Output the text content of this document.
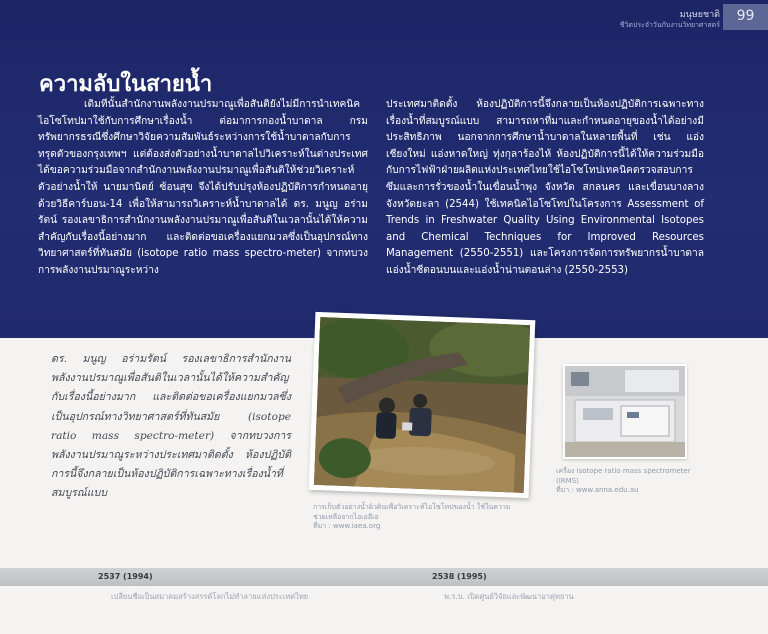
มนุษยชาติ
ชีวิตประจำวันกับงานวิทยาศาสตร์
99
ความลับในสายน้ำ

เดิมทีนั้นสำนักงานพลังงานปรมาณูเพื่อสันติยังไม่มีการนำเทคนิคไอโซโทปมาใช้กับการศึกษาเรื่องน้ำ ต่อมาการกองน้ำบาดาล กรมทรัพยากรธรณีซึ่งศึกษาวิจัยความสัมพันธ์ระหว่างการใช้น้ำบาดาลกับการทรุดตัวของกรุงเทพฯ แต่ต้องส่งตัวอย่างน้ำบาดาลไปวิเคราะห์ในต่างประเทศ ได้ขอความร่วมมือจากสำนักงานพลังงานปรมาณูเพื่อสันติให้ช่วยวิเคราะห์ตัวอย่างน้ำให้ นายมานิตย์ ซ้อนสุข จึงได้ปรับปรุงห้องปฏิบัติการกำหนดอายุด้วยวิธีคาร์บอน-14 เพื่อให้สามารถวิเคราะห์น้ำบาดาลได้ ดร. มนูญ อร่ามรัตน์ รองเลขาธิการสำนักงานพลังงานปรมาณูเพื่อสันติในเวลานั้นได้ให้ความสำคัญกับเรื่องนี้อย่างมาก และติดต่อขอเครื่องแยกมวลซึ่งเป็นอุปกรณ์ทางวิทยาศาสตร์ที่ทันสมัย (isotope ratio mass spectro-meter) จากทบวงการพลังงานปรมาณูระหว่าง

ประเทศมาติดตั้ง ห้องปฏิบัติการนี้จึงกลายเป็นห้องปฏิบัติการเฉพาะทางเรื่องน้ำที่สมบูรณ์แบบ สามารถหาที่มาและกำหนดอายุของน้ำได้อย่างมีประสิทธิภาพ นอกจากการศึกษาน้ำบาดาลในหลายพื้นที่ เช่น แอ่งเชียงใหม่ แอ่งหาดใหญ่ ทุ่งกุลาร้องไห้ ห้องปฏิบัติการนี้ได้ให้ความร่วมมือกับการไฟฟ้าฝ่ายผลิตแห่งประเทศไทยใช้ไอโซโทปเทคนิคตรวจสอบการซึมและการรั่วของน้ำในเขื่อนน้ำพุง จังหวัด สกลนคร และเขื่อนบางลาง จังหวัดยะลา (2544) ใช้เทคนิคไอโซโทปในโครงการ Assessment of Trends in Freshwater Quality Using Environmental Isotopes and Chemical Techniques for Improved Resources Management (2550-2551) และโครงการจัดการทรัพยากรน้ำบาดาลแอ่งน้ำซีตอนบนและแอ่งน้ำน่านตอนล่าง (2550-2553)

ดร. มนูญ อร่ามรัตน์ รองเลขาธิการสำนักงานพลังงานปรมาณูเพื่อสันติในเวลานั้นได้ให้ความสำคัญกับเรื่องนี้อย่างมาก และติดต่อขอเครื่องแยกมวลซึ่งเป็นอุปกรณ์ทางวิทยาศาสตร์ที่ทันสมัย (isotope ratio mass spectro-meter) จากทบวงการพลังงานปรมาณูระหว่างประเทศมาติดตั้ง ห้องปฏิบัติการนี้จึงกลายเป็นห้องปฏิบัติการเฉพาะทางเรื่องน้ำที่สมบูรณ์แบบ

การเก็บตัวอย่างน้ำผิวดินเพื่อวิเคราะห์ไอโซโทปของน้ำ ใช้ในความช่วยเหลือจากไอเออีเอ
ที่มา : www.iaea.org
เครื่อง isotope ratio mass spectrometer (IRMS)
ที่มา : www.anna.edu.au
2537 (1994)	2538 (1995)
เปลี่ยนชื่อเป็นสมาคมสร้างสรรค์โลกไม่ทำลายแห่งประเทศไทย	พ.ร.บ. เปิดศูนย์วิจัยและพัฒนาอาคุ่ทยาน
